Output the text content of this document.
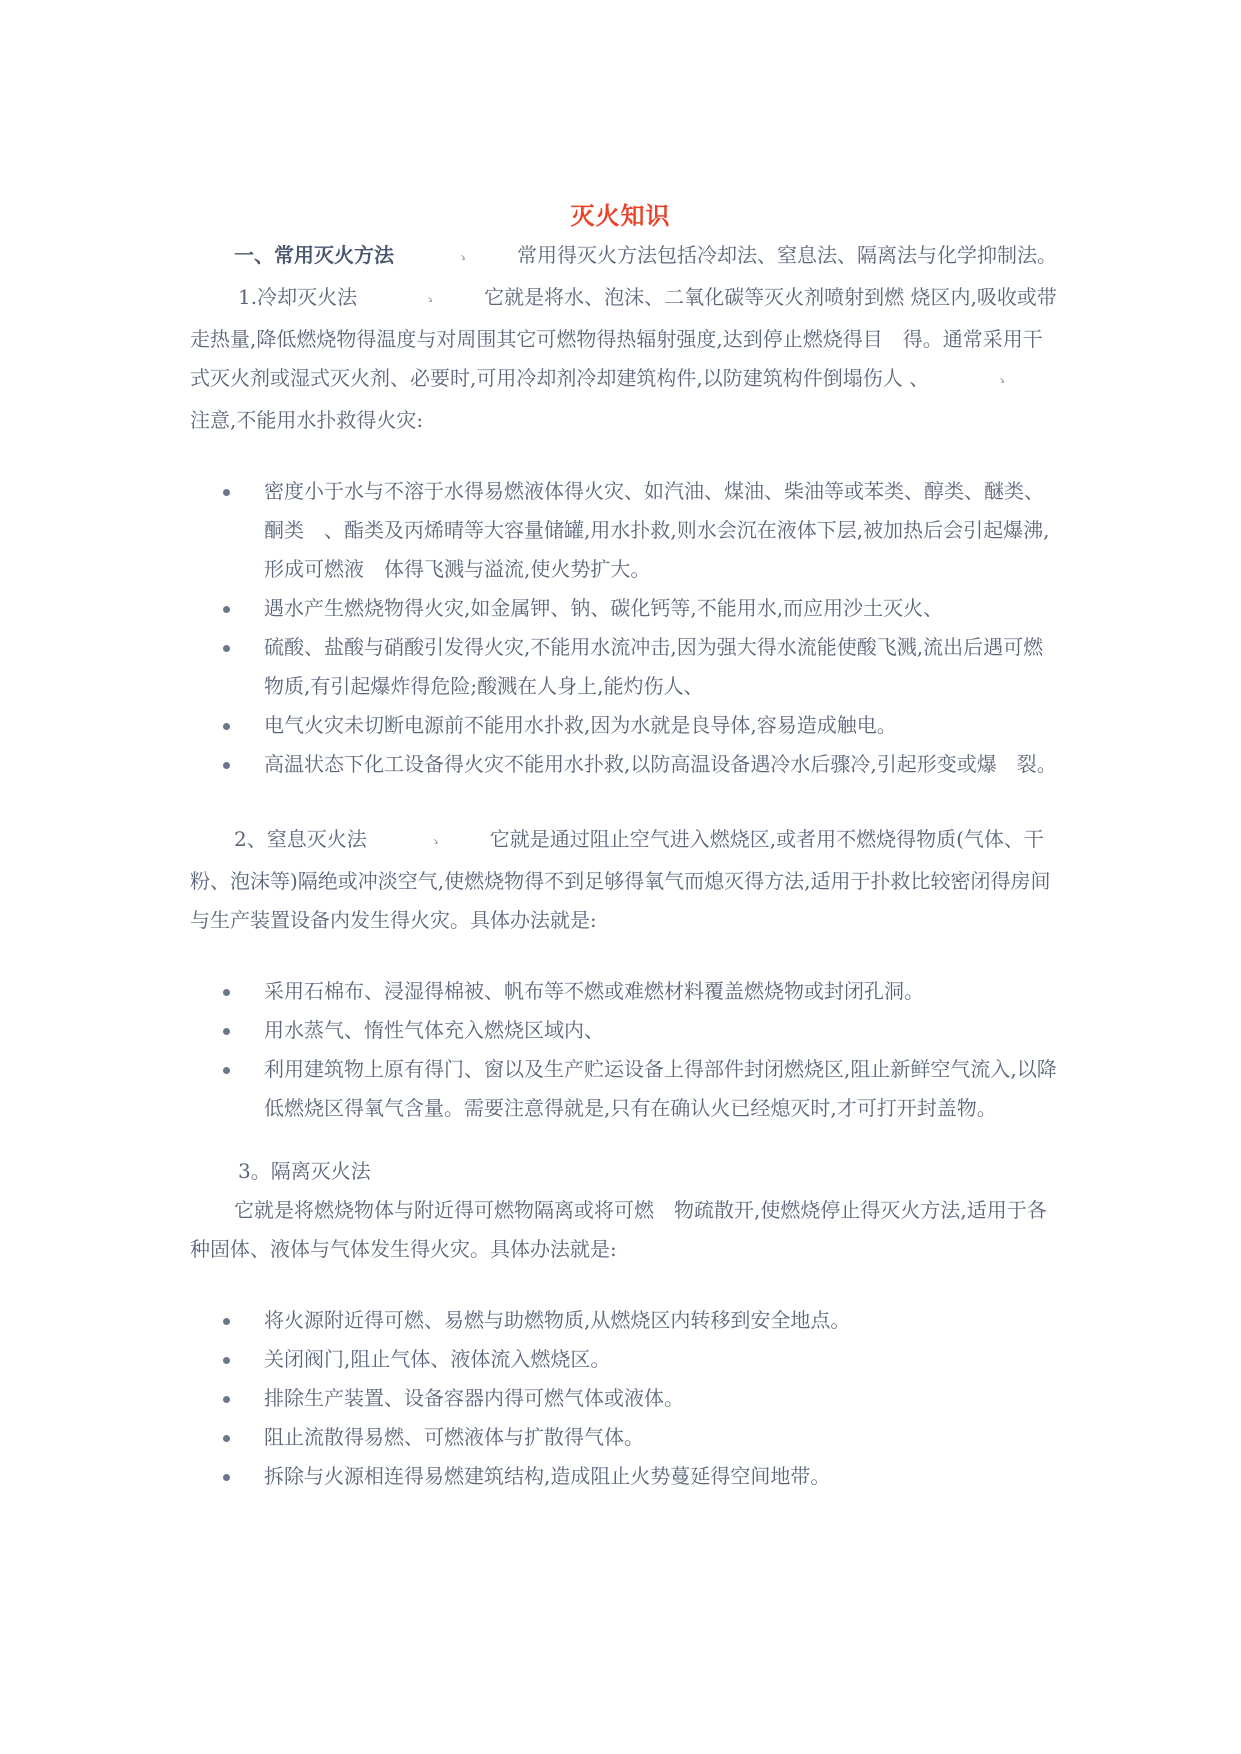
灭火知识

一、常用灭火方法	ゝ 常用得灭火方法包括冷却法、窒息法、隔离法与化学抑制法。

1.冷却灭火法	ゝ 它就是将水、泡沫、二氧化碳等灭火剂喷射到燃 烧区内,吸收或带走热量,降低燃烧物得温度与对周围其它可燃物得热辐射强度,达到停止燃烧得目　得。通常采用干式灭火剂或湿式灭火剂、必要时,可用冷却剂冷却建筑构件,以防建筑构件倒塌伤人 、	ゝ注意,不能用水扑救得火灾:

密度小于水与不溶于水得易燃液体得火灾、如汽油、煤油、柴油等或苯类、醇类、醚类、酮类　、酯类及丙烯晴等大容量储罐,用水扑救,则水会沉在液体下层,被加热后会引起爆沸,形成可燃液　体得飞溅与溢流,使火势扩大。
遇水产生燃烧物得火灾,如金属钾、钠、碳化钙等,不能用水,而应用沙土灭火、
硫酸、盐酸与硝酸引发得火灾,不能用水流冲击,因为强大得水流能使酸飞溅,流出后遇可燃　物质,有引起爆炸得危险;酸溅在人身上,能灼伤人、
电气火灾未切断电源前不能用水扑救,因为水就是良导体,容易造成触电。
高温状态下化工设备得火灾不能用水扑救,以防高温设备遇冷水后骤冷,引起形变或爆　裂。

2、窒息灭火法	ゝ 它就是通过阻止空气进入燃烧区,或者用不燃烧得物质(气体、干粉、泡沫等)隔绝或冲淡空气,使燃烧物得不到足够得氧气而熄灭得方法,适用于扑救比较密闭得房间与生产装置设备内发生得火灾。具体办法就是:

采用石棉布、浸湿得棉被、帆布等不燃或难燃材料覆盖燃烧物或封闭孔洞。
用水蒸气、惰性气体充入燃烧区域内、
利用建筑物上原有得门、窗以及生产贮运设备上得部件封闭燃烧区,阻止新鲜空气流入,以降　低燃烧区得氧气含量。需要注意得就是,只有在确认火已经熄灭时,才可打开封盖物。

3。隔离灭火法

它就是将燃烧物体与附近得可燃物隔离或将可燃　物疏散开,使燃烧停止得灭火方法,适用于各种固体、液体与气体发生得火灾。具体办法就是:

将火源附近得可燃、易燃与助燃物质,从燃烧区内转移到安全地点。
关闭阀门,阻止气体、液体流入燃烧区。
排除生产装置、设备容器内得可燃气体或液体。
阻止流散得易燃、可燃液体与扩散得气体。
拆除与火源相连得易燃建筑结构,造成阻止火势蔓延得空间地带。
